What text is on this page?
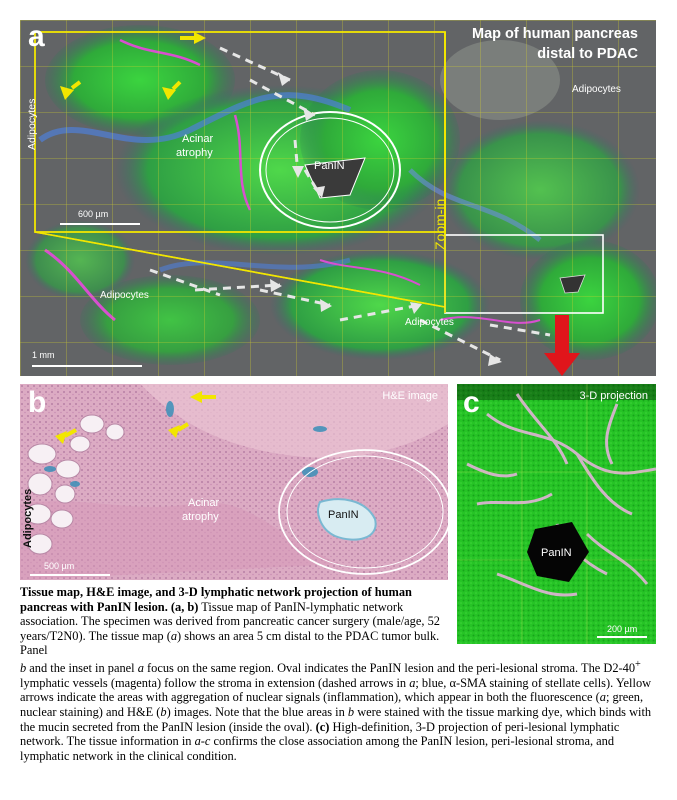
a	Map of human pancreas
distal to PDAC
Adipocytes
Adipocytes	Acinar
atrophy
PanIN
600 µm	Zoom-in
Adipocytes
Adipocytes
1 mm
b	H&E image
Adipocytes	Acinar
atrophy	PanIN
500 µm
c	3-D projection
PanIN
200 µm
Tissue map, H&E image, and 3-D lymphatic network projection of human pancreas with PanIN lesion. (a, b) Tissue map of PanIN-lymphatic network association. The specimen was derived from pancreatic cancer surgery (male/age, 52 years/T2N0). The tissue map (a) shows an area 5 cm distal to the PDAC tumor bulk. Panel
b and the inset in panel a focus on the same region. Oval indicates the PanIN lesion and the peri-lesional stroma. The D2-40+ lymphatic vessels (magenta) follow the stroma in extension (dashed arrows in a; blue, α-SMA staining of stellate cells). Yellow arrows indicate the areas with aggregation of nuclear signals (inflammation), which appear in both the fluorescence (a; green, nuclear staining) and H&E (b) images. Note that the blue areas in b were stained with the tissue marking dye, which binds with the mucin secreted from the PanIN lesion (inside the oval). (c) High-definition, 3-D projection of peri-lesional lymphatic network. The tissue information in a-c confirms the close association among the PanIN lesion, peri-lesional stroma, and lymphatic network in the clinical condition.
